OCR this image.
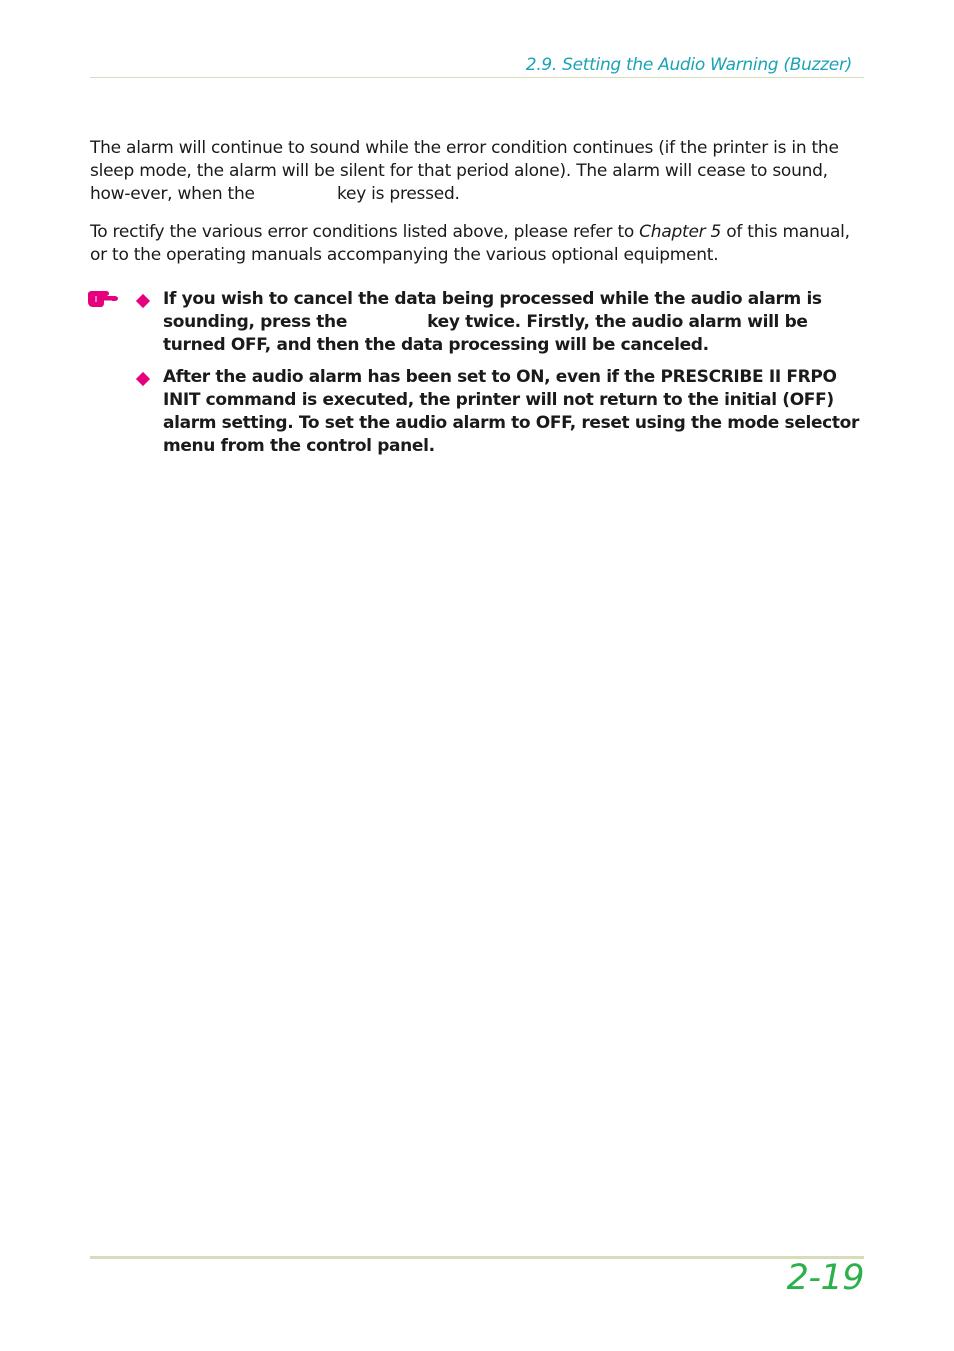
2.9. Setting the Audio Warning (Buzzer)

The alarm will continue to sound while the error condition continues (if the printer is in the sleep mode, the alarm will be silent for that period alone). The alarm will cease to sound, how-ever, when the	key is pressed.

To rectify the various error conditions listed above, please refer to Chapter 5 of this manual, or to the operating manuals accompanying the various optional equipment.

If you wish to cancel the data being processed while the audio alarm is sounding, press the	key twice. Firstly, the audio alarm will be turned OFF, and then the data processing will be canceled.

After the audio alarm has been set to ON, even if the PRESCRIBE II FRPO INIT command is executed, the printer will not return to the initial (OFF) alarm setting. To set the audio alarm to OFF, reset using the mode selector menu from the control panel.

2-19
